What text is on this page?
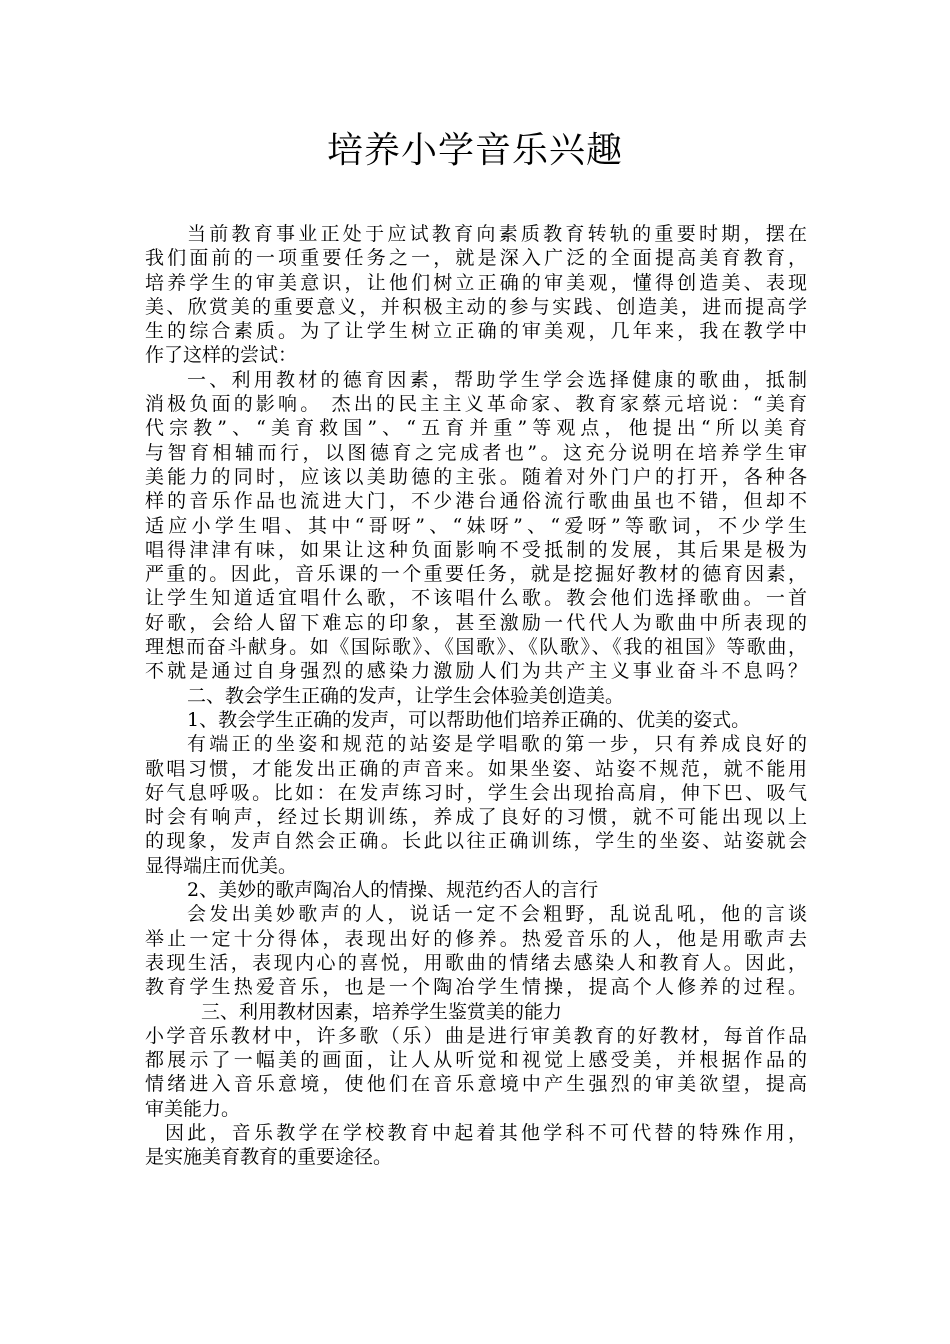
培养小学音乐兴趣
当前教育事业正处于应试教育向素质教育转轨的重要时期，摆在
我们面前的一项重要任务之一，就是深入广泛的全面提高美育教育，
培养学生的审美意识，让他们树立正确的审美观，懂得创造美、表现
美、欣赏美的重要意义，并积极主动的参与实践、创造美，进而提高学
生的综合素质。为了让学生树立正确的审美观，几年来，我在教学中
作了这样的尝试：
一、利用教材的德育因素，帮助学生学会选择健康的歌曲，抵制
消极负面的影响。 杰出的民主主义革命家、教育家蔡元培说：“美育
代宗教”、“美育救国”、“五育并重”等观点，他提出“所以美育
与智育相辅而行，以图德育之完成者也”。这充分说明在培养学生审
美能力的同时，应该以美助德的主张。随着对外门户的打开，各种各
样的音乐作品也流进大门，不少港台通俗流行歌曲虽也不错，但却不
适应小学生唱、其中“哥呀”、“妹呀”、“爱呀”等歌词，不少学生
唱得津津有味，如果让这种负面影响不受抵制的发展，其后果是极为
严重的。因此，音乐课的一个重要任务，就是挖掘好教材的德育因素，
让学生知道适宜唱什么歌，不该唱什么歌。教会他们选择歌曲。一首
好歌，会给人留下难忘的印象，甚至激励一代代人为歌曲中所表现的
理想而奋斗献身。如《国际歌》、《国歌》、《队歌》、《我的祖国》等歌曲，
不就是通过自身强烈的感染力激励人们为共产主义事业奋斗不息吗？
二、教会学生正确的发声，让学生会体验美创造美。
1、教会学生正确的发声，可以帮助他们培养正确的、优美的姿式。
有端正的坐姿和规范的站姿是学唱歌的第一步，只有养成良好的
歌唱习惯，才能发出正确的声音来。如果坐姿、站姿不规范，就不能用
好气息呼吸。比如：在发声练习时，学生会出现抬高肩，伸下巴、吸气
时会有响声，经过长期训练，养成了良好的习惯，就不可能出现以上
的现象，发声自然会正确。长此以往正确训练，学生的坐姿、站姿就会
显得端庄而优美。
2、美妙的歌声陶冶人的情操、规范约否人的言行
会发出美妙歌声的人，说话一定不会粗野，乱说乱吼，他的言谈
举止一定十分得体，表现出好的修养。热爱音乐的人，他是用歌声去
表现生活，表现内心的喜悦，用歌曲的情绪去感染人和教育人。因此，
教育学生热爱音乐，也是一个陶冶学生情操，提高个人修养的过程。
三、利用教材因素，培养学生鉴赏美的能力
小学音乐教材中，许多歌（乐）曲是进行审美教育的好教材，每首作品
都展示了一幅美的画面，让人从听觉和视觉上感受美，并根据作品的
情绪进入音乐意境，使他们在音乐意境中产生强烈的审美欲望，提高
审美能力。
因此，音乐教学在学校教育中起着其他学科不可代替的特殊作用，
是实施美育教育的重要途径。
